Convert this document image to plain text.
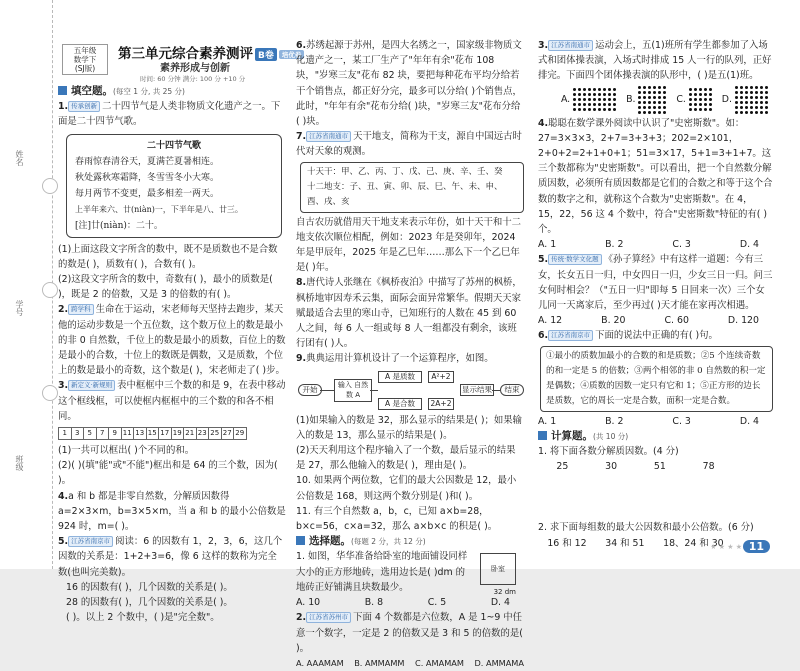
姓名
学号
班级
五年级
数学下
(SJ版)
第三单元综合素养测评 B卷 培优卷
素养形成与创新
时间: 60 分钟 满分: 100 分 +10 分
填空题。(每空 1 分, 共 25 分)

1. 传承创新 二十四节气是人类非物质文化遗产之一。下面是二十四节气歌。

二十四节气歌
春雨惊春清谷天，夏满芒夏暑相连。
秋处露秋寒霜降，冬雪雪冬小大寒。
每月两节不变更，最多相差一两天。
上半年来六、廿(niàn)一，下半年是八、廿三。
[注]廿(niàn)：二十。

(1)上面这段文字所含的数中，既不是质数也不是合数的数是( )，质数有( )，合数有( )。

(2)这段文字所含的数中，奇数有( )，最小的质数是( )，既是 2 的倍数，又是 3 的倍数的有( )。

2. 跨学科 生命在于运动，宋老师每天坚持去跑步，某天他的运动步数是一个五位数，这个数万位上的数是最小的非 0 自然数，千位上的数是最小的质数，百位上的数是最小的合数，十位上的数既是偶数，又是质数，个位上的数是最小的奇数，这个数是( )，宋老师走了( )步。

3. 新定义·新规则 表中框框中三个数的和是 9，在表中移动这个框线框，可以使框内框框中的三个数的和各不相同。

1	3	5	7	9 11 13 15 17 19 21 23 25 27 29

(1)一共可以框出( )个不同的和。

(2)( )(填"能"或"不能")框出和是 64 的三个数，因为( )。

4.a 和 b 都是非零自然数，分解质因数得 a=2×3×m，b=3×5×m，当 a 和 b 的最小公倍数是 924 时，m=( )。

5. 江苏省南京市 阅读：6 的因数有 1，2，3，6，这几个因数的关系是：1+2+3=6，像 6 这样的数称为完全数(也叫完美数)。

16 的因数有( )，几个因数的关系是( )。

28 的因数有( )，几个因数的关系是( )。

( )。以上 2 个数中，( )是"完全数"。

6.苏绣起源于苏州，是四大名绣之一，国家级非物质文化遗产之一，某工厂生产了"年年有余"花布 108 块，"岁寒三友"花布 82 块，要把每种花布平均分给若干个销售点，都正好分完，最多可以分给( )个销售点，此时，"年年有余"花布分给( )块，"岁寒三友"花布分给( )块。

7. 江苏省南通市 天干地支，简称为干支，源自中国远古时代对天象的观测。

十天干：甲、乙、丙、丁、戊、己、庚、辛、壬、癸
十二地支：子、丑、寅、卯、辰、巳、午、未、申、酉、戌、亥

自古农历就借用天干地支来表示年份，如十天干和十二地支依次顺位相配，例如：2023 年是癸卯年，2024 年是甲辰年，2025 年是乙巳年……那么下一个乙巳年是( )年。

8.唐代诗人张继在《枫桥夜泊》中描写了苏州的枫桥，枫桥地审因寿禾云集，面际会面异常繁华。假期天天家赋最适合去里的寒山寺，已知班行的人数在 45 到 60 人之间，每 6 人一组或每 8 人一组都没有剩余，该班行团有( )人。

9.典典运用计算机设计了一个运算程序，如图。

开始	输入 自然数 A
A 是质数
A 是合数
A²+2
2A+2
显示结果	结束

(1)如果输入的数是 32，那么显示的结果是( )；如果输入的数是 13，那么显示的结果是( )。

(2)天天利用这个程序输入了一个数，最后显示的结果是 27，那么他输入的数是( )，理由是( )。

10. 如果两个两位数，它们的最大公因数是 12，最小公倍数是 168，则这两个数分别是( )和( )。

11. 有三个自然数 a，b，c，已知 a×b=28，b×c=56，c×a=32，那么 a×b×c 的积是( )。

选择题。(每题 2 分，共 12 分)

1. 如图，华华准备给卧室的地面铺设同样大小的正方形地砖，选用边长是( )dm 的地砖正好铺满且块数最少。

卧室
32 dm
A. 10	B. 8	C. 5	D. 4

2. 江苏省苏州市 下面 4 个数都是六位数，A 是 1~9 中任意一个数字，一定是 2 的倍数又是 3 和 5 的倍数的是( )。

A. AAAMAM B. AMMAMM C. AMAMAM D. AMMAMA

3. 江苏省南通市 运动会上，五(1)班所有学生都参加了入场式和团体操表演，入场式时排成 15 人一行的队列，正好排完。下面四个团体操表演的队形中，( )是五(1)班。

A.	B.	C.	D.

4.聪聪在数学课外阅读中认识了"史密斯数"。如：27=3×3×3，2+7=3+3+3；202=2×101，2+0+2=2+1+0+1；51=3×17，5+1=3+1+7。这三个数都称为"史密斯数"。可以看出，把一个自然数分解质因数，必须所有质因数都是它们的合数之和等于这个合数的数字之和，就称这个合数为"史密斯数"。在 4，15，22，56 这 4 个数中，符合"史密斯数"特征的有( )个。

A. 1	B. 2	C. 3	D. 4

5. 传统·数学文化题 《孙子算经》中有这样一道题：今有三女，长女五日一归，中女四日一归，少女三日一归。问三女何时相会？（"五日一归"即每 5 日回来一次）三个女儿同一天离家后，至少再过( )天才能在家再次相遇。

A. 12	B. 20	C. 60	D. 120

6. 江苏省南京市 下面的说法中正确的有( )句。

①最小的质数加最小的合数的和是质数；②5 个连续奇数的和一定是 5 的倍数；③两个相邻的非 0 自然数的积一定是偶数；④质数的因数一定只有它和 1；⑤正方形的边长是质数，它的周长一定是合数，面积一定是合数。
A. 1	B. 2	C. 3	D. 4
计算题。(共 10 分)

1. 将下面各数分解质因数。(4 分)

25	30	51	78

2. 求下面每组数的最大公因数和最小公倍数。(6 分)

16 和 12 34 和 51 18、24 和 30
★ ★ ★ ★ 11
